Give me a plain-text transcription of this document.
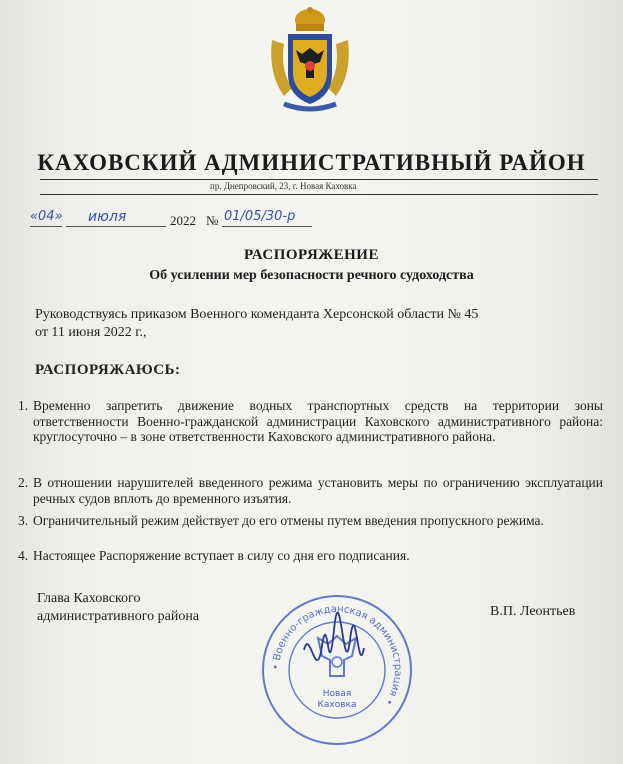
КАХОВСКИЙ АДМИНИСТРАТИВНЫЙ РАЙОН
пр. Днепровский, 23, г. Новая Каховка
«04» июля	2022 № 01/05/30-р
РАСПОРЯЖЕНИЕ
Об усилении мер безопасности речного судоходства
Руководствуясь приказом Военного коменданта Херсонской области № 45
от 11 июня 2022 г.,
РАСПОРЯЖАЮСЬ:
1. Временно запретить движение водных транспортных средств на территории зоны ответственности Военно-гражданской администрации Каховского административного района: круглосуточно – в зоне ответственности Каховского административного района.
2. В отношении нарушителей введенного режима установить меры по ограничению эксплуатации речных судов вплоть до временного изъятия.
3. Ограничительный режим действует до его отмены путем введения пропускного режима.
4. Настоящее Распоряжение вступает в силу со дня его подписания.
Глава Каховского
административного района	В.П. Леонтьев
• Военно-гражданская администрация •
Новая
Каховка
